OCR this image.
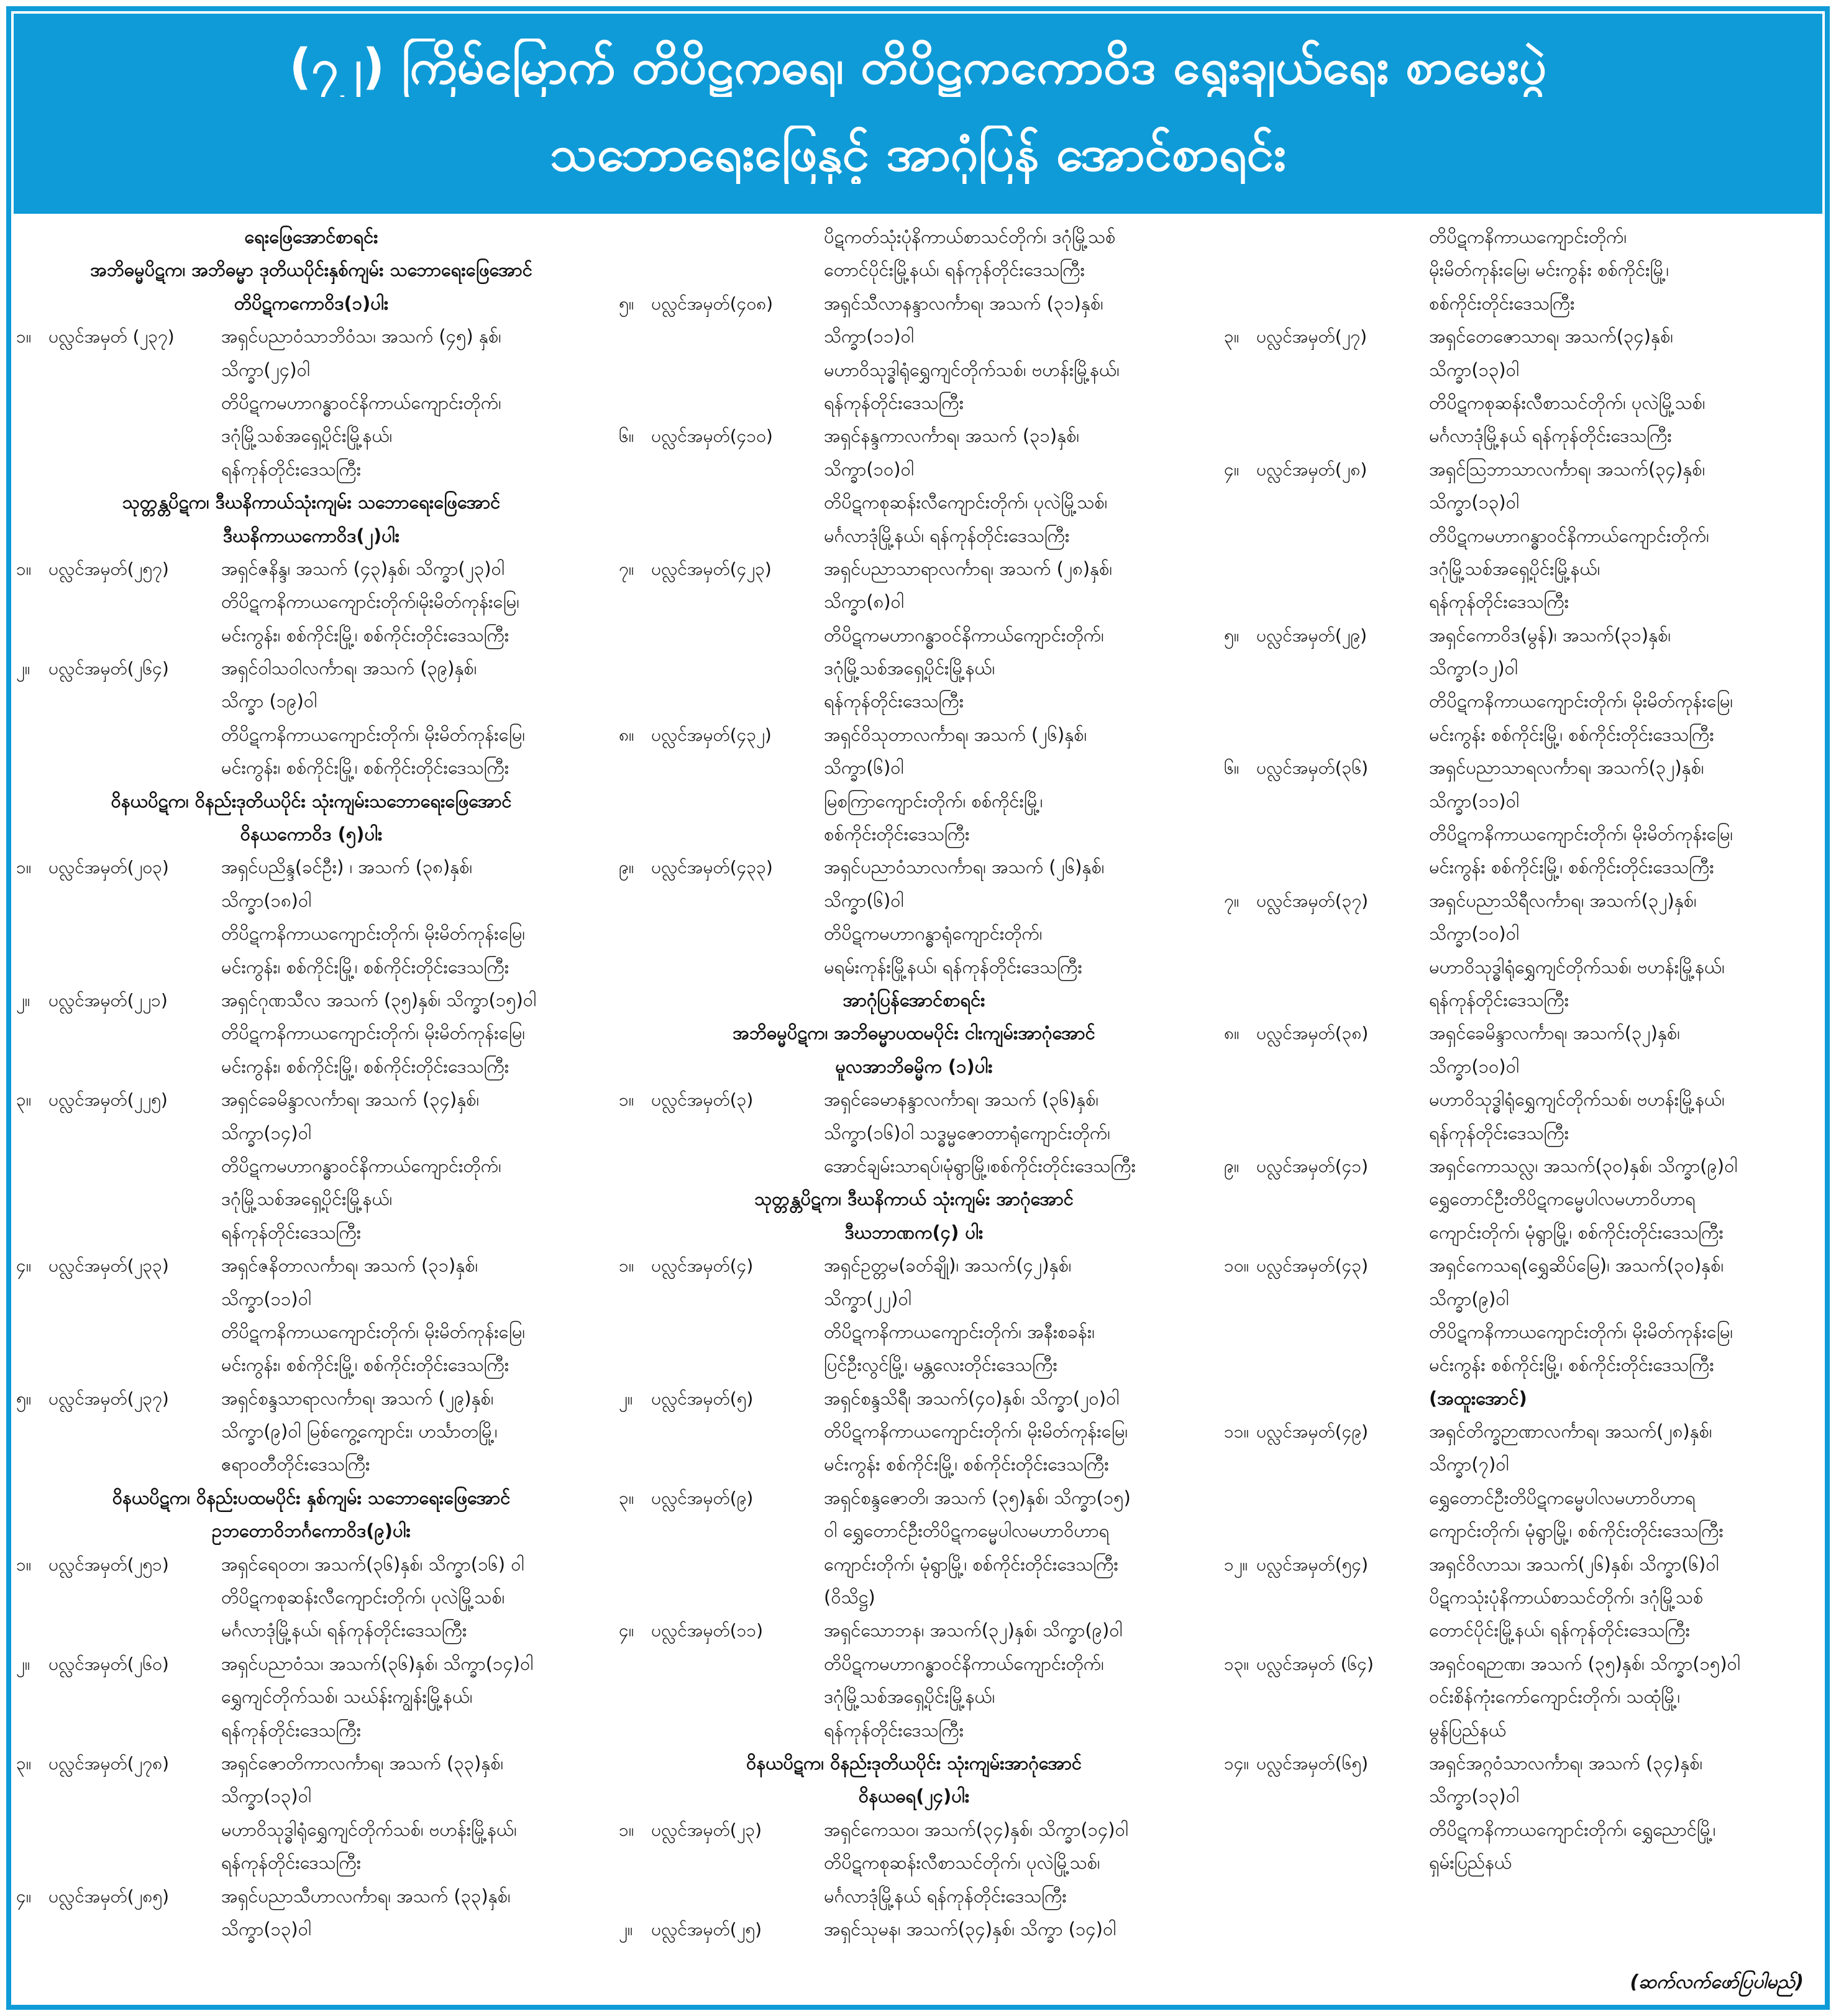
(၇၂) ကြိမ်မြောက် တိပိဋကဓရ၊ တိပိဋကကောဝိဒ ရွေးချယ်ရေး စာမေးပွဲ
သဘောရေးဖြေနှင့် အာဂုံပြန် အောင်စာရင်း
ရေးဖြေအောင်စာရင်း
အဘိဓမ္မပိဋက၊ အဘိဓမ္မာ ဒုတိယပိုင်းနှစ်ကျမ်း သဘောရေးဖြေအောင်
တိပိဋကကောဝိဒ(၁)ပါး
၁။ ပလ္လင်အမှတ် (၂၃၇)	အရှင်ပညာဝံသာဘိဝံသ၊ အသက် (၄၅) နှစ်၊
သိက္ခာ(၂၄)ဝါ
တိပိဋကမဟာဂန္ဓာဝင်နိကာယ်ကျောင်းတိုက်၊
ဒဂုံမြို့သစ်အရှေ့ပိုင်းမြို့နယ်၊
ရန်ကုန်တိုင်းဒေသကြီး
သုတ္တန္တပိဋက၊ ဒီဃနိကာယ်သုံးကျမ်း သဘောရေးဖြေအောင်
ဒီဃနိကာယကောဝိဒ(၂)ပါး
၁။ ပလ္လင်အမှတ်(၂၅၇)	အရှင်ဇနိန္ဒ၊ အသက် (၄၃)နှစ်၊ သိက္ခာ(၂၃)ဝါ
တိပိဋကနိကာယကျောင်းတိုက်၊မိုးမိတ်ကုန်းမြေ၊
မင်းကွန်း၊ စစ်ကိုင်းမြို့၊ စစ်ကိုင်းတိုင်းဒေသကြီး
၂။	ပလ္လင်အမှတ်(၂၆၄)	အရှင်ဝါသဝါလင်္ကာရ၊ အသက် (၃၉)နှစ်၊
သိက္ခာ (၁၉)ဝါ
တိပိဋကနိကာယကျောင်းတိုက်၊ မိုးမိတ်ကုန်းမြေ၊
မင်းကွန်း၊ စစ်ကိုင်းမြို့၊ စစ်ကိုင်းတိုင်းဒေသကြီး
ဝိနယပိဋက၊ ဝိနည်းဒုတိယပိုင်း သုံးကျမ်းသဘောရေးဖြေအောင်
ဝိနယကောဝိဒ (၅)ပါး
၁။ ပလ္လင်အမှတ်(၂၀၃)	အရှင်ပညိန္ဒ(ခင်ဦး) ၊ အသက် (၃၈)နှစ်၊
သိက္ခာ(၁၈)ဝါ
တိပိဋကနိကာယကျောင်းတိုက်၊ မိုးမိတ်ကုန်းမြေ၊
မင်းကွန်း၊ စစ်ကိုင်းမြို့၊ စစ်ကိုင်းတိုင်းဒေသကြီး
၂။	ပလ္လင်အမှတ်(၂၂၁)	အရှင်ဂုဏသီလ အသက် (၃၅)နှစ်၊ သိက္ခာ(၁၅)ဝါ
တိပိဋကနိကာယကျောင်းတိုက်၊ မိုးမိတ်ကုန်းမြေ၊
မင်းကွန်း၊ စစ်ကိုင်းမြို့၊ စစ်ကိုင်းတိုင်းဒေသကြီး
၃။ ပလ္လင်အမှတ်(၂၂၅)	အရှင်ခေမိန္ဒာလင်္ကာရ၊ အသက် (၃၄)နှစ်၊
သိက္ခာ(၁၄)ဝါ
တိပိဋကမဟာဂန္ဓာဝင်နိကာယ်ကျောင်းတိုက်၊
ဒဂုံမြို့သစ်အရှေ့ပိုင်းမြို့နယ်၊
ရန်ကုန်တိုင်းဒေသကြီး
၄။ ပလ္လင်အမှတ်(၂၃၃)	အရှင်ဇနိတာလင်္ကာရ၊ အသက် (၃၁)နှစ်၊
သိက္ခာ(၁၁)ဝါ
တိပိဋကနိကာယကျောင်းတိုက်၊ မိုးမိတ်ကုန်းမြေ၊
မင်းကွန်း၊ စစ်ကိုင်းမြို့၊ စစ်ကိုင်းတိုင်းဒေသကြီး
၅။ ပလ္လင်အမှတ်(၂၃၇)	အရှင်စန္ဒသာရာလင်္ကာရ၊ အသက် (၂၉)နှစ်၊
သိက္ခာ(၉)ဝါ မြစ်ကွေ့ကျောင်း၊ ဟင်္သာတမြို့၊
ဧရာဝတီတိုင်းဒေသကြီး
ဝိနယပိဋက၊ ဝိနည်းပထမပိုင်း နှစ်ကျမ်း သဘောရေးဖြေအောင်
ဥဘတောဝိဘင်္ဂကောဝိဒ(၉)ပါး
၁။ ပလ္လင်အမှတ်(၂၅၁)	အရှင်ရေဝတ၊ အသက်(၃၆)နှစ်၊ သိက္ခာ(၁၆) ဝါ
တိပိဋကစုဆန်းလီကျောင်းတိုက်၊ ပုလဲမြို့သစ်၊
မင်္ဂလာဒုံမြို့နယ်၊ ရန်ကုန်တိုင်းဒေသကြီး
၂။	ပလ္လင်အမှတ်(၂၆၀)	အရှင်ပညာဝံသ၊ အသက်(၃၆)နှစ်၊ သိက္ခာ(၁၄)ဝါ
ရွှေကျင်တိုက်သစ်၊ သဃ်န်းကျွန်းမြို့နယ်၊
ရန်ကုန်တိုင်းဒေသကြီး
၃။ ပလ္လင်အမှတ်(၂၇၈)	အရှင်ဇောတိကာလင်္ကာရ၊ အသက် (၃၃)နှစ်၊
သိက္ခာ(၁၃)ဝါ
မဟာဝိသုဒ္ဓါရုံရွှေကျင်တိုက်သစ်၊ ဗဟန်းမြို့နယ်၊
ရန်ကုန်တိုင်းဒေသကြီး
၄။ ပလ္လင်အမှတ်(၂၈၅)	အရှင်ပညာသီဟာလင်္ကာရ၊ အသက် (၃၃)နှစ်၊
သိက္ခာ(၁၃)ဝါ
ပိဋကတ်သုံးပုံနိကာယ်စာသင်တိုက်၊ ဒဂုံမြို့သစ်
တောင်ပိုင်းမြို့နယ်၊ ရန်ကုန်တိုင်းဒေသကြီး
၅။ ပလ္လင်အမှတ်(၄၀၈)	အရှင်သီလာနန္ဒာလင်္ကာရ၊ အသက် (၃၁)နှစ်၊
သိက္ခာ(၁၁)ဝါ
မဟာဝိသုဒ္ဓါရုံရွှေကျင်တိုက်သစ်၊ ဗဟန်းမြို့နယ်၊
ရန်ကုန်တိုင်းဒေသကြီး
၆။ ပလ္လင်အမှတ်(၄၁၀)	အရှင်နန္ဒကာလင်္ကာရ၊ အသက် (၃၁)နှစ်၊
သိက္ခာ(၁၀)ဝါ
တိပိဋကစုဆန်းလီကျောင်းတိုက်၊ ပုလဲမြို့သစ်၊
မင်္ဂလာဒုံမြို့နယ်၊ ရန်ကုန်တိုင်းဒေသကြီး
၇။ ပလ္လင်အမှတ်(၄၂၃)	အရှင်ပညာသာရာလင်္ကာရ၊ အသက် (၂၈)နှစ်၊
သိက္ခာ(၈)ဝါ
တိပိဋကမဟာဂန္ဓာဝင်နိကာယ်ကျောင်းတိုက်၊
ဒဂုံမြို့သစ်အရှေ့ပိုင်းမြို့နယ်၊
ရန်ကုန်တိုင်းဒေသကြီး
၈။ ပလ္လင်အမှတ်(၄၃၂)	အရှင်ဝိသုတာလင်္ကာရ၊ အသက် (၂၆)နှစ်၊
သိက္ခာ(၆)ဝါ
မြစကြာကျောင်းတိုက်၊ စစ်ကိုင်းမြို့၊
စစ်ကိုင်းတိုင်းဒေသကြီး
၉။ ပလ္လင်အမှတ်(၄၃၃)	အရှင်ပညာဝံသာလင်္ကာရ၊ အသက် (၂၆)နှစ်၊
သိက္ခာ(၆)ဝါ
တိပိဋကမဟာဂန္ဓာရုံကျောင်းတိုက်၊
မရမ်းကုန်းမြို့နယ်၊ ရန်ကုန်တိုင်းဒေသကြီး
အာဂုံပြန်အောင်စာရင်း
အဘိဓမ္မပိဋက၊ အဘိဓမ္မာပထမပိုင်း ငါးကျမ်းအာဂုံအောင်
မူလအာဘိဓမ္မိက (၁)ပါး
၁။ ပလ္လင်အမှတ်(၃)	အရှင်ခေမာနန္ဒာလင်္ကာရ၊ အသက် (၃၆)နှစ်၊
သိက္ခာ(၁၆)ဝါ သဒ္ဓမ္မဇောတာရုံကျောင်းတိုက်၊
အောင်ချမ်းသာရပ်၊မုံရွာမြို့၊စစ်ကိုင်းတိုင်းဒေသကြီး
သုတ္တန္တပိဋက၊ ဒီဃနိကာယ် သုံးကျမ်း အာဂုံအောင်
ဒီဃဘာဏက(၄) ပါး
၁။ ပလ္လင်အမှတ်(၄)	အရှင်ဥတ္တမ(ခတ်ချို)၊ အသက်(၄၂)နှစ်၊
သိက္ခာ(၂၂)ဝါ
တိပိဋကနိကာယကျောင်းတိုက်၊ အနီးစခန်း၊
ပြင်ဦးလွင်မြို့၊ မန္တလေးတိုင်းဒေသကြီး
၂။	ပလ္လင်အမှတ်(၅)	အရှင်စန္ဒသိရီ၊ အသက်(၄၀)နှစ်၊ သိက္ခာ(၂၀)ဝါ
တိပိဋကနိကာယကျောင်းတိုက်၊ မိုးမိတ်ကုန်းမြေ၊
မင်းကွန်း စစ်ကိုင်းမြို့၊ စစ်ကိုင်းတိုင်းဒေသကြီး
၃။ ပလ္လင်အမှတ်(၉)	အရှင်စန္ဒဇောတိ၊ အသက် (၃၅)နှစ်၊ သိက္ခာ(၁၅)
ဝါ ရွှေတောင်ဦးတိပိဋကမ္မေပါလမဟာဝိဟာရ
ကျောင်းတိုက်၊ မုံရွာမြို့၊ စစ်ကိုင်းတိုင်းဒေသကြီး
(ဝိသိဋ္ဌ)
၄။ ပလ္လင်အမှတ်(၁၁)	အရှင်သောဘန၊ အသက်(၃၂)နှစ်၊ သိက္ခာ(၉)ဝါ
တိပိဋကမဟာဂန္ဓာဝင်နိကာယ်ကျောင်းတိုက်၊
ဒဂုံမြို့သစ်အရှေ့ပိုင်းမြို့နယ်၊
ရန်ကုန်တိုင်းဒေသကြီး
ဝိနယပိဋက၊ ဝိနည်းဒုတိယပိုင်း သုံးကျမ်းအာဂုံအောင်
ဝိနယဓရ(၂၄)ပါး
၁။ ပလ္လင်အမှတ်(၂၃)	အရှင်ကေသဝ၊ အသက်(၃၄)နှစ်၊ သိက္ခာ(၁၄)ဝါ
တိပိဋကစုဆန်းလီစာသင်တိုက်၊ ပုလဲမြို့သစ်၊
မင်္ဂလာဒုံမြို့နယ် ရန်ကုန်တိုင်းဒေသကြီး
၂။	ပလ္လင်အမှတ်(၂၅)	အရှင်သုမန၊ အသက်(၃၄)နှစ်၊ သိက္ခာ (၁၄)ဝါ
တိပိဋကနိကာယကျောင်းတိုက်၊
မိုးမိတ်ကုန်းမြေ၊ မင်းကွန်း စစ်ကိုင်းမြို့၊
စစ်ကိုင်းတိုင်းဒေသကြီး
၃။ ပလ္လင်အမှတ်(၂၇)	အရှင်တေဇောသာရ၊ အသက်(၃၄)နှစ်၊
သိက္ခာ(၁၃)ဝါ
တိပိဋကစုဆန်းလီစာသင်တိုက်၊ ပုလဲမြို့သစ်၊
မင်္ဂလာဒုံမြို့နယ် ရန်ကုန်တိုင်းဒေသကြီး
၄။ ပလ္လင်အမှတ်(၂၈)	အရှင်ဩဘာသာလင်္ကာရ၊ အသက်(၃၄)နှစ်၊
သိက္ခာ(၁၃)ဝါ
တိပိဋကမဟာဂန္ဓာဝင်နိကာယ်ကျောင်းတိုက်၊
ဒဂုံမြို့သစ်အရှေ့ပိုင်းမြို့နယ်၊
ရန်ကုန်တိုင်းဒေသကြီး
၅။ ပလ္လင်အမှတ်(၂၉)	အရှင်ကောဝိဒ(မွန်)၊ အသက်(၃၁)နှစ်၊
သိက္ခာ(၁၂)ဝါ
တိပိဋကနိကာယကျောင်းတိုက်၊ မိုးမိတ်ကုန်းမြေ၊
မင်းကွန်း စစ်ကိုင်းမြို့၊ စစ်ကိုင်းတိုင်းဒေသကြီး
၆။ ပလ္လင်အမှတ်(၃၆)	အရှင်ပညာသာရလင်္ကာရ၊ အသက်(၃၂)နှစ်၊
သိက္ခာ(၁၁)ဝါ
တိပိဋကနိကာယကျောင်းတိုက်၊ မိုးမိတ်ကုန်းမြေ၊
မင်းကွန်း စစ်ကိုင်းမြို့၊ စစ်ကိုင်းတိုင်းဒေသကြီး
၇။ ပလ္လင်အမှတ်(၃၇)	အရှင်ပညာသိရီလင်္ကာရ၊ အသက်(၃၂)နှစ်၊
သိက္ခာ(၁၀)ဝါ
မဟာဝိသုဒ္ဓါရုံရွှေကျင်တိုက်သစ်၊ ဗဟန်းမြို့နယ်၊
ရန်ကုန်တိုင်းဒေသကြီး
၈။ ပလ္လင်အမှတ်(၃၈)	အရှင်ခေမိန္ဒာလင်္ကာရ၊ အသက်(၃၂)နှစ်၊
သိက္ခာ(၁၀)ဝါ
မဟာဝိသုဒ္ဓါရုံရွှေကျင်တိုက်သစ်၊ ဗဟန်းမြို့နယ်၊
ရန်ကုန်တိုင်းဒေသကြီး
၉။ ပလ္လင်အမှတ်(၄၁)	အရှင်ကောသလ္လ၊ အသက်(၃၀)နှစ်၊ သိက္ခာ(၉)ဝါ
ရွှေတောင်ဦးတိပိဋကမ္မေပါလမဟာဝိဟာရ
ကျောင်းတိုက်၊ မုံရွာမြို့၊ စစ်ကိုင်းတိုင်းဒေသကြီး
၁၀။ ပလ္လင်အမှတ်(၄၃)	အရှင်ကေသရ(ရွှေဆိပ်မြေ)၊ အသက်(၃၀)နှစ်၊
သိက္ခာ(၉)ဝါ
တိပိဋကနိကာယကျောင်းတိုက်၊ မိုးမိတ်ကုန်းမြေ၊
မင်းကွန်း စစ်ကိုင်းမြို့၊ စစ်ကိုင်းတိုင်းဒေသကြီး
(အထူးအောင်)
၁၁။ ပလ္လင်အမှတ်(၄၉)	အရှင်တိက္ခဉာဏာလင်္ကာရ၊ အသက်(၂၈)နှစ်၊
သိက္ခာ(၇)ဝါ
ရွှေတောင်ဦးတိပိဋကမ္မေပါလမဟာဝိဟာရ
ကျောင်းတိုက်၊ မုံရွာမြို့၊ စစ်ကိုင်းတိုင်းဒေသကြီး
၁၂။ ပလ္လင်အမှတ်(၅၄)	အရှင်ဝိလာသ၊ အသက်(၂၆)နှစ်၊ သိက္ခာ(၆)ဝါ
ပိဋကသုံးပုံနိကာယ်စာသင်တိုက်၊ ဒဂုံမြို့သစ်
တောင်ပိုင်းမြို့နယ်၊ ရန်ကုန်တိုင်းဒေသကြီး
၁၃။ ပလ္လင်အမှတ် (၆၄)	အရှင်ဝရဉာဏ၊ အသက် (၃၅)နှစ်၊ သိက္ခာ(၁၅)ဝါ
ဝင်းစိန်ကုံးကော်ကျောင်းတိုက်၊ သထုံမြို့၊
မွန်ပြည်နယ်
၁၄။ ပလ္လင်အမှတ်(၆၅)	အရှင်အဂ္ဂဝံသာလင်္ကာရ၊ အသက် (၃၄)နှစ်၊
သိက္ခာ(၁၃)ဝါ
တိပိဋကနိကာယကျောင်းတိုက်၊ ရွှေညောင်မြို့၊
ရှမ်းပြည်နယ်
(ဆက်လက်ဖော်ပြပါမည်)
